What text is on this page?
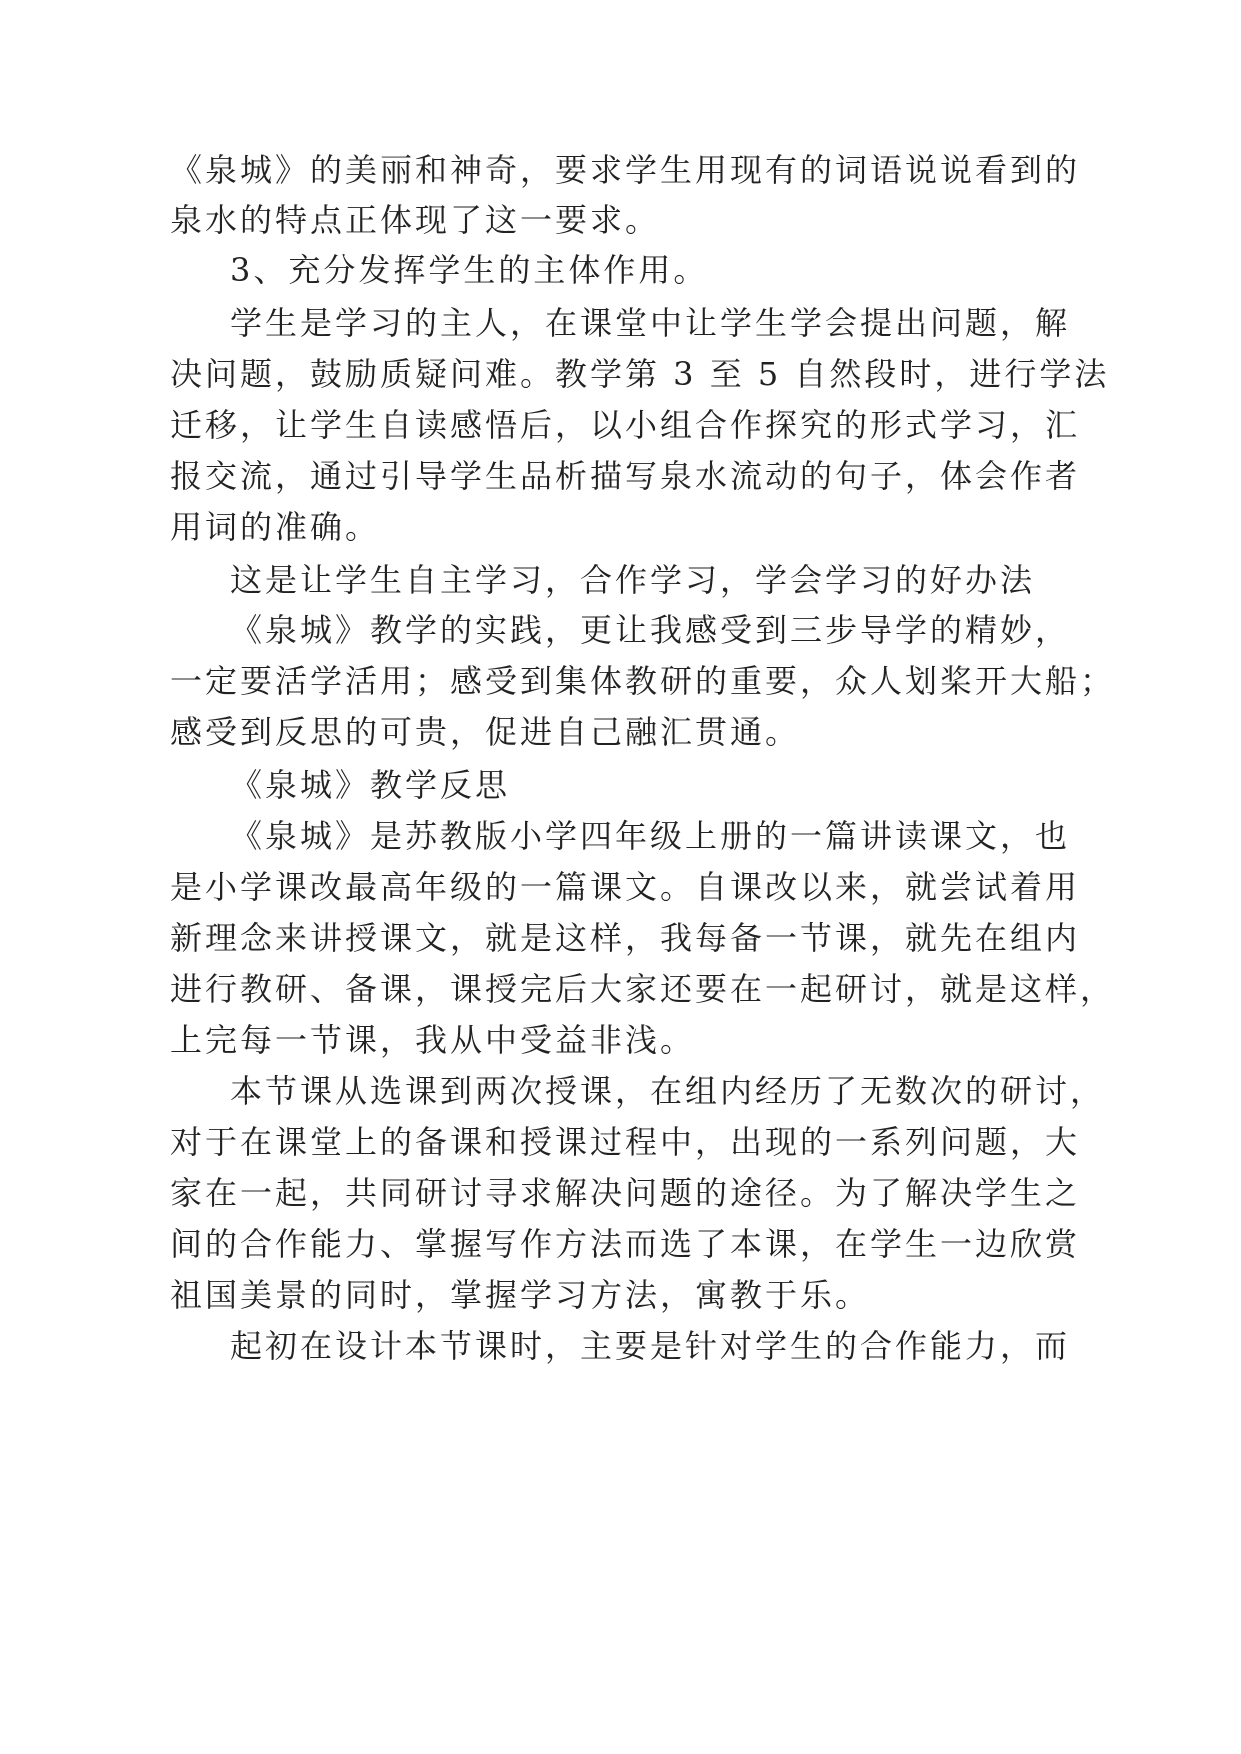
《泉城》的美丽和神奇，要求学生用现有的词语说说看到的
泉水的特点正体现了这一要求。
3、充分发挥学生的主体作用。
学生是学习的主人，在课堂中让学生学会提出问题，解
决问题，鼓励质疑问难。教学第 3 至 5 自然段时，进行学法
迁移，让学生自读感悟后，以小组合作探究的形式学习，汇
报交流，通过引导学生品析描写泉水流动的句子，体会作者
用词的准确。
这是让学生自主学习，合作学习，学会学习的好办法
《泉城》教学的实践，更让我感受到三步导学的精妙，
一定要活学活用；感受到集体教研的重要，众人划桨开大船；
感受到反思的可贵，促进自己融汇贯通。
《泉城》教学反思
《泉城》是苏教版小学四年级上册的一篇讲读课文，也
是小学课改最高年级的一篇课文。自课改以来，就尝试着用
新理念来讲授课文，就是这样，我每备一节课，就先在组内
进行教研、备课，课授完后大家还要在一起研讨，就是这样，
上完每一节课，我从中受益非浅。
本节课从选课到两次授课，在组内经历了无数次的研讨，
对于在课堂上的备课和授课过程中，出现的一系列问题，大
家在一起，共同研讨寻求解决问题的途径。为了解决学生之
间的合作能力、掌握写作方法而选了本课，在学生一边欣赏
祖国美景的同时，掌握学习方法，寓教于乐。
起初在设计本节课时，主要是针对学生的合作能力，而
